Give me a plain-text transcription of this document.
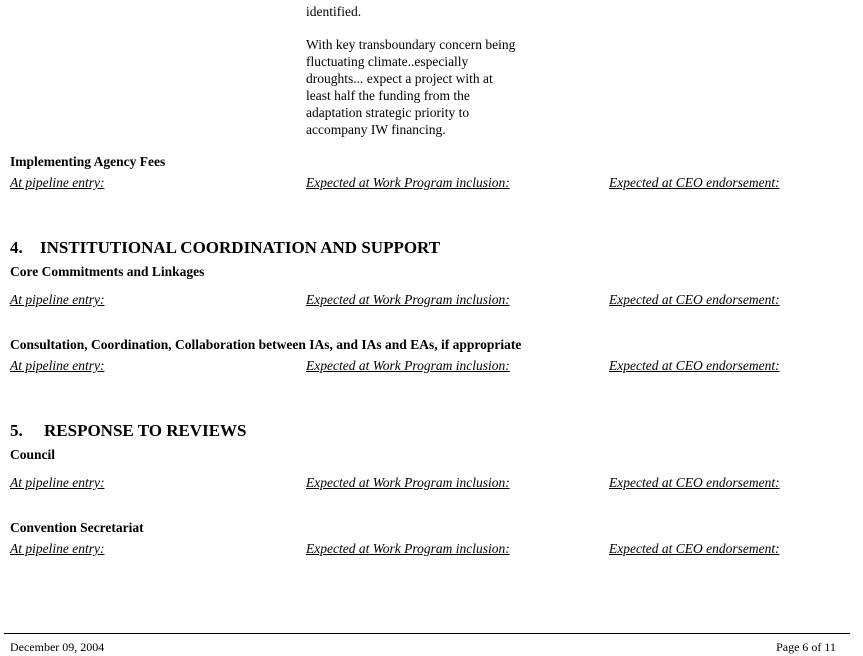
identified.
With key transboundary concern being
fluctuating climate..especially
droughts... expect a project with at
least half the funding from the
adaptation strategic priority to
accompany IW financing.
Implementing Agency Fees
At pipeline entry:	Expected at Work Program inclusion:	Expected at CEO endorsement:
4. INSTITUTIONAL COORDINATION AND SUPPORT
Core Commitments and Linkages
At pipeline entry:	Expected at Work Program inclusion:	Expected at CEO endorsement:
Consultation, Coordination, Collaboration between IAs, and IAs and EAs, if appropriate
At pipeline entry:	Expected at Work Program inclusion:	Expected at CEO endorsement:
5. RESPONSE TO REVIEWS
Council
At pipeline entry:	Expected at Work Program inclusion:	Expected at CEO endorsement:
Convention Secretariat
At pipeline entry:	Expected at Work Program inclusion:	Expected at CEO endorsement:
December 09, 2004	Page 6 of 11
